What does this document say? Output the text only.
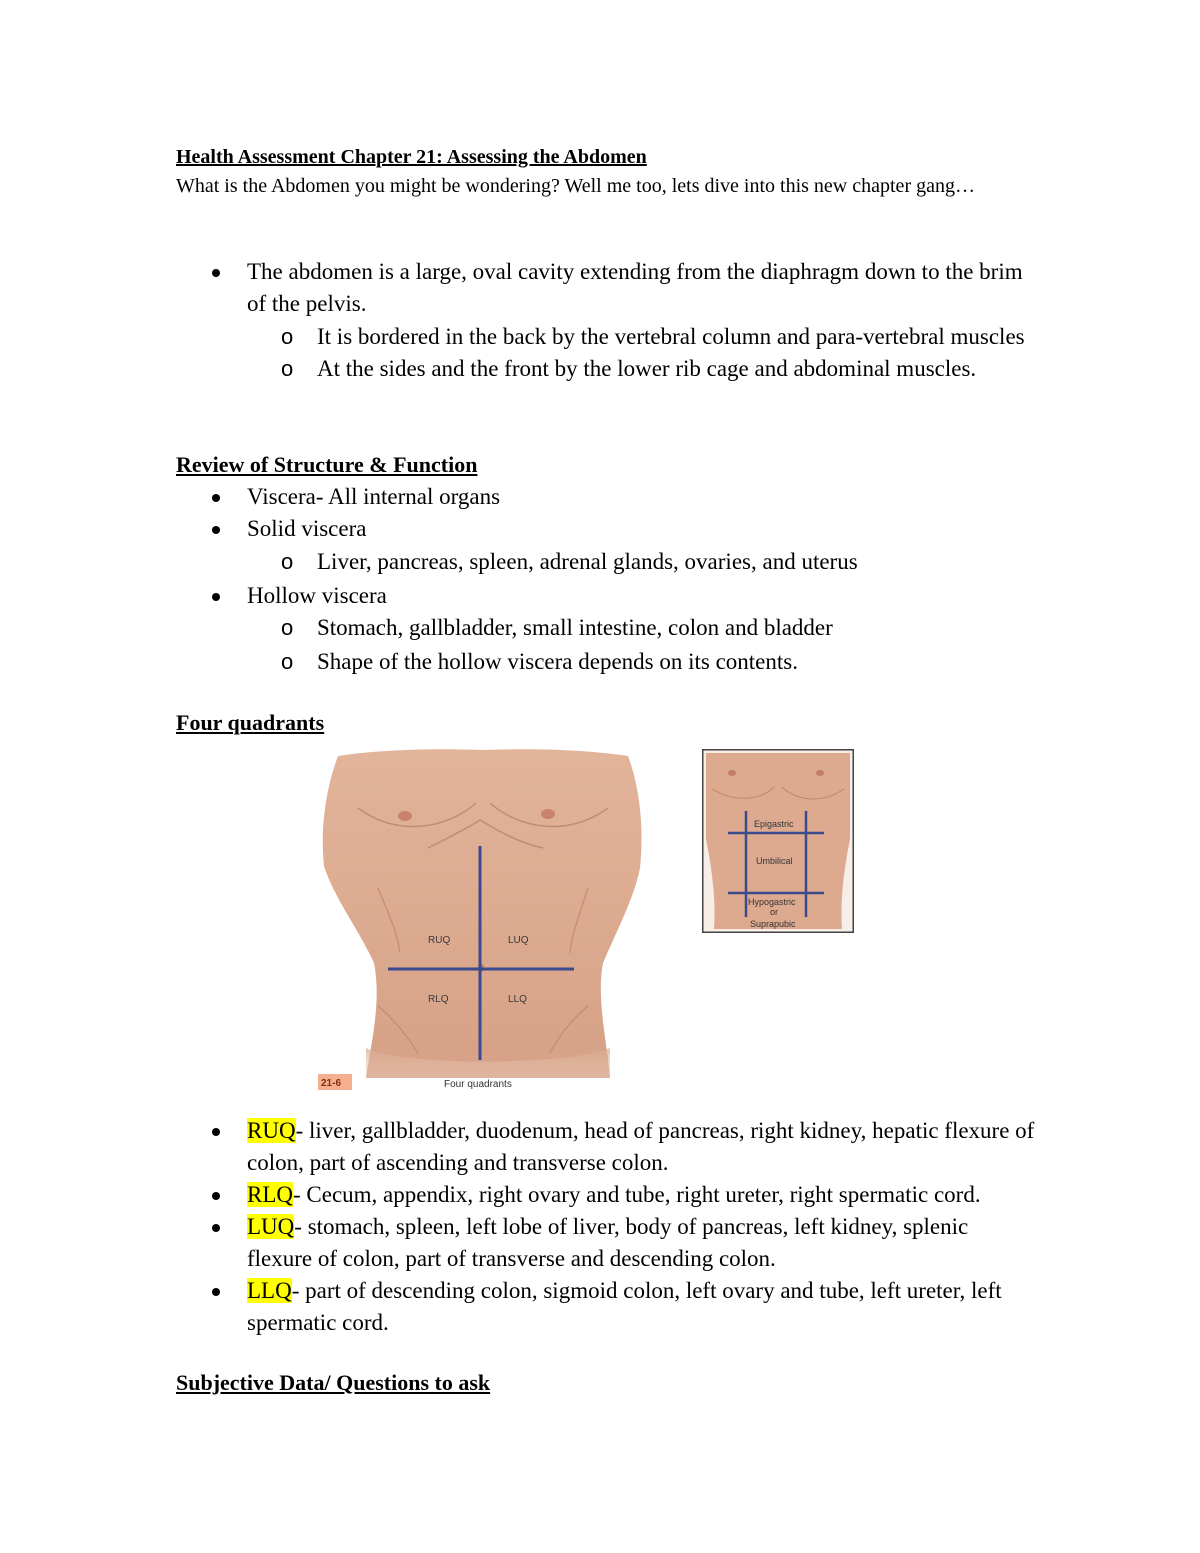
Health Assessment Chapter 21: Assessing the Abdomen
What is the Abdomen you might be wondering? Well me too, lets dive into this new chapter gang…
The abdomen is a large, oval cavity extending from the diaphragm down to the brim of the pelvis.
o It is bordered in the back by the vertebral column and para-vertebral muscles
o At the sides and the front by the lower rib cage and abdominal muscles.
Review of Structure & Function
Viscera- All internal organs
Solid viscera
o Liver, pancreas, spleen, adrenal glands, ovaries, and uterus
Hollow viscera
o Stomach, gallbladder, small intestine, colon and bladder
o Shape of the hollow viscera depends on its contents.
Four quadrants
RUQ	LUQ
RLQ	LLQ
21-6	Four quadrants
Epigastric
Umbilical
Hypogastric
or
Suprapubic
RUQ- liver, gallbladder, duodenum, head of pancreas, right kidney, hepatic flexure of colon, part of ascending and transverse colon.
RLQ- Cecum, appendix, right ovary and tube, right ureter, right spermatic cord.
LUQ- stomach, spleen, left lobe of liver, body of pancreas, left kidney, splenic flexure of colon, part of transverse and descending colon.
LLQ- part of descending colon, sigmoid colon, left ovary and tube, left ureter, left spermatic cord.
Subjective Data/ Questions to ask
